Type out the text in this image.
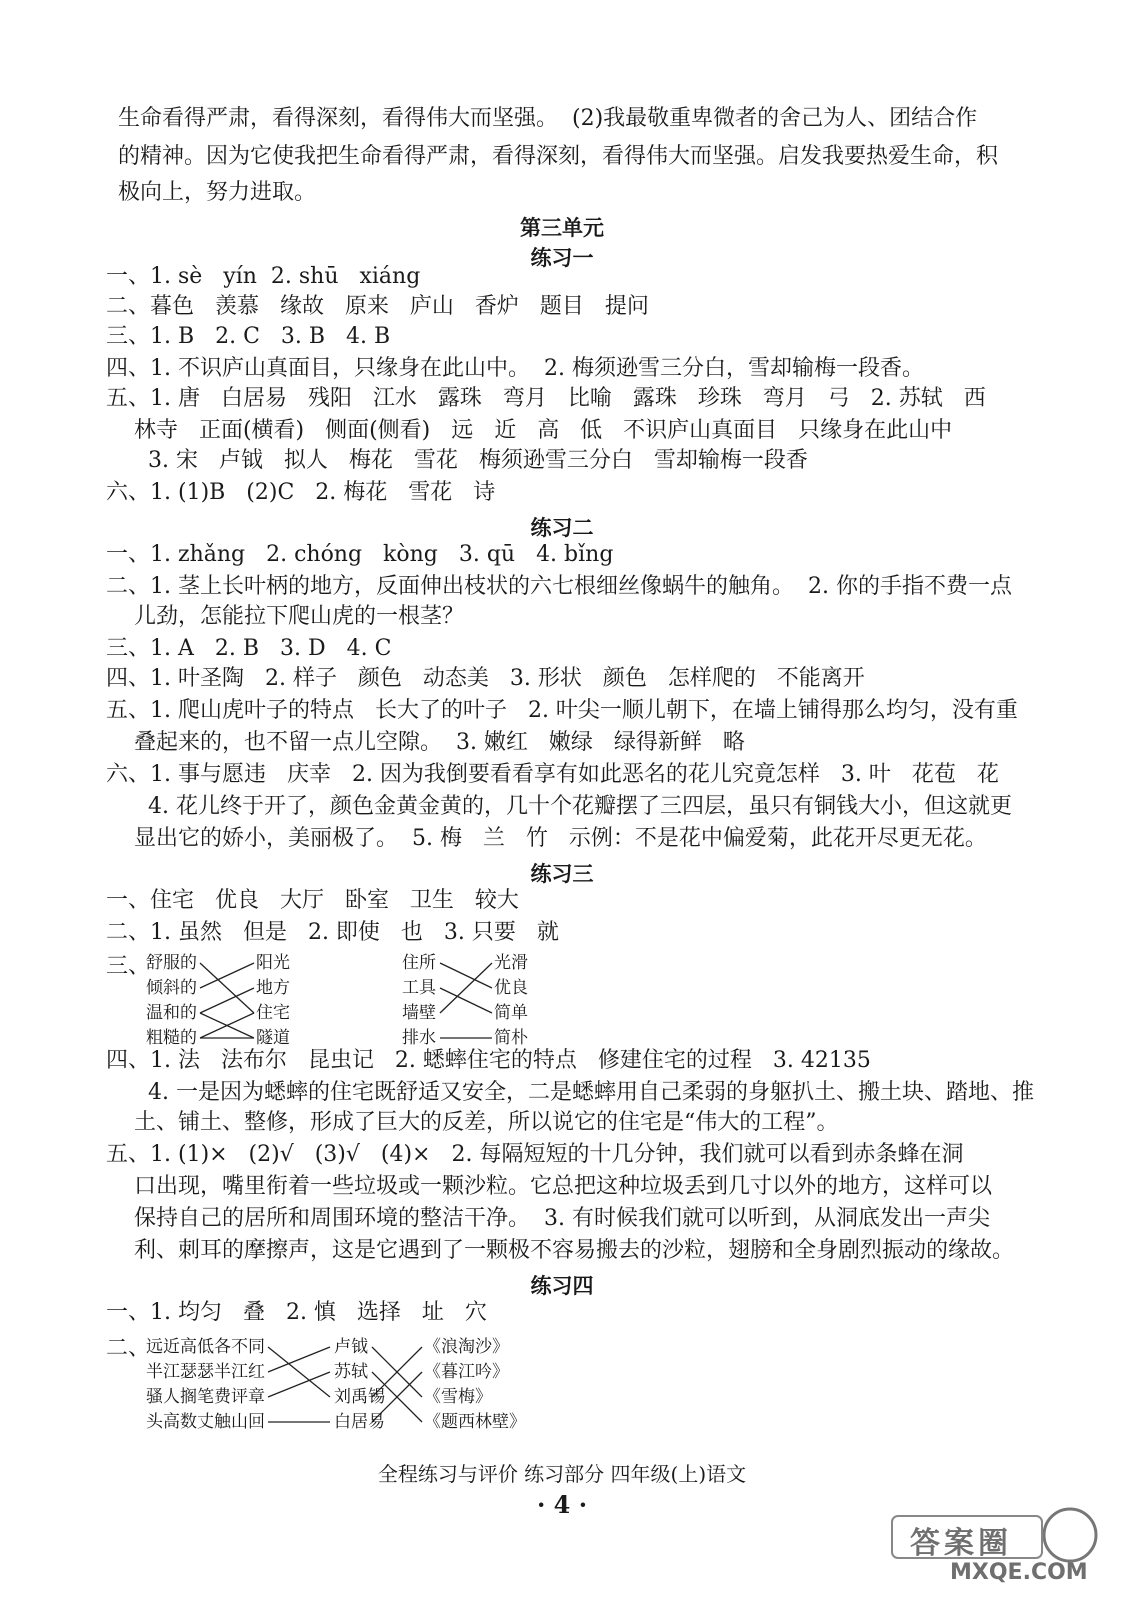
生命看得严肃，看得深刻，看得伟大而坚强。  (2)我最敬重卑微者的舍己为人、团结合作
的精神。因为它使我把生命看得严肃，看得深刻，看得伟大而坚强。启发我要热爱生命，积
极向上，努力进取。
第三单元
练习一
一、1. sè   yín  2. shū   xiáng
二、暮色   羡慕   缘故   原来   庐山   香炉   题目   提问
三、1. B   2. C   3. B   4. B
四、1. 不识庐山真面目，只缘身在此山中。  2. 梅须逊雪三分白，雪却输梅一段香。
五、1. 唐   白居易   残阳   江水   露珠   弯月   比喻   露珠   珍珠   弯月   弓   2. 苏轼   西
林寺   正面(横看)   侧面(侧看)   远   近   高   低   不识庐山真面目   只缘身在此山中
3. 宋   卢钺   拟人   梅花   雪花   梅须逊雪三分白   雪却输梅一段香
六、1. (1)B   (2)C   2. 梅花   雪花   诗
练习二
一、1. zhǎng   2. chóng   kòng   3. qū   4. bǐng
二、1. 茎上长叶柄的地方，反面伸出枝状的六七根细丝像蜗牛的触角。  2. 你的手指不费一点
儿劲，怎能拉下爬山虎的一根茎？
三、1. A   2. B   3. D   4. C
四、1. 叶圣陶   2. 样子   颜色   动态美   3. 形状   颜色   怎样爬的   不能离开
五、1. 爬山虎叶子的特点   长大了的叶子   2. 叶尖一顺儿朝下，在墙上铺得那么均匀，没有重
叠起来的，也不留一点儿空隙。  3. 嫩红   嫩绿   绿得新鲜   略
六、1. 事与愿违   庆幸   2. 因为我倒要看看享有如此恶名的花儿究竟怎样   3. 叶   花苞   花
4. 花儿终于开了，颜色金黄金黄的，几十个花瓣摆了三四层，虽只有铜钱大小，但这就更
显出它的娇小，美丽极了。  5. 梅   兰   竹   示例：不是花中偏爱菊，此花开尽更无花。
练习三
一、住宅   优良   大厅   卧室   卫生   较大
二、1. 虽然   但是   2. 即使   也   3. 只要   就
三、
舒服的
倾斜的
温和的
粗糙的
阳光
地方
住宅
隧道
住所
工具
墙壁
排水
光滑
优良
简单
简朴
四、1. 法   法布尔   昆虫记   2. 蟋蟀住宅的特点   修建住宅的过程   3. 42135
4. 一是因为蟋蟀的住宅既舒适又安全，二是蟋蟀用自己柔弱的身躯扒土、搬土块、踏地、推
土、铺土、整修，形成了巨大的反差，所以说它的住宅是“伟大的工程”。
五、1. (1)×   (2)√   (3)√   (4)×   2. 每隔短短的十几分钟，我们就可以看到赤条蜂在洞
口出现，嘴里衔着一些垃圾或一颗沙粒。它总把这种垃圾丢到几寸以外的地方，这样可以
保持自己的居所和周围环境的整洁干净。  3. 有时候我们就可以听到，从洞底发出一声尖
利、刺耳的摩擦声，这是它遇到了一颗极不容易搬去的沙粒，翅膀和全身剧烈振动的缘故。
练习四
一、1. 均匀   叠   2. 慎   选择   址   穴
二、
远近高低各不同
半江瑟瑟半江红
骚人搁笔费评章
头高数丈触山回
卢钺
苏轼
刘禹锡
白居易
《浪淘沙》
《暮江吟》
《雪梅》
《题西林壁》
全程练习与评价 练习部分 四年级(上)语文
· 4 ·
答案圈
MXQE.COM
